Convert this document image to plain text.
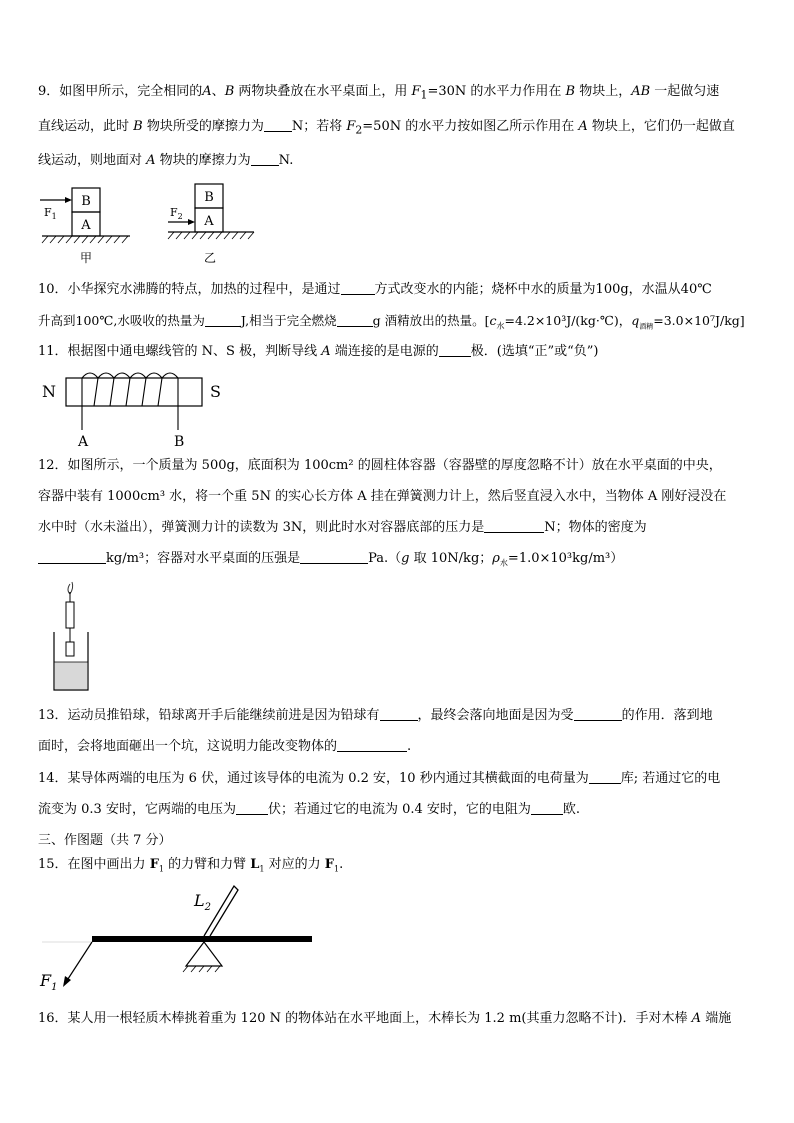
9．如图甲所示，完全相同的A、B 两物块叠放在水平桌面上，用 $F_1=30N$ 的水平力作用在 B 物块上，AB 一起做匀速
直线运动，此时 B 物块所受的摩擦力为 N；若将 $F_2=50N$ 的水平力按如图乙所示作用在 A 物块上，它们仍一起做直
线运动，则地面对 A 物块的摩擦力为 N.
B
A
$F_1$
甲
B
A
$F_2$
乙
10．小华探究水沸腾的特点，加热的过程中，是通过	方式改变水的内能；烧杯中水的质量为100g，水温从40℃
升高到100℃,水吸收的热量为	J,相当于完全燃烧	g 酒精放出的热量。[$c_水=4.2\times 10^3J/(kg\cdot℃)$，$q_{酒精}=3.0\times 10^7J/kg$]
11．根据图中通电螺线管的 N、S 极，判断导线 A 端连接的是电源的 极．(选填“正”或“负”)
N	S
A	B
12．如图所示，一个质量为 500g，底面积为 100cm² 的圆柱体容器（容器壁的厚度忽略不计）放在水平桌面的中央，
容器中装有 1000cm³ 水，将一个重 5N 的实心长方体 A 挂在弹簧测力计上，然后竖直浸入水中，当物体 A 刚好浸没在
水中时（水未溢出），弹簧测力计的读数为 3N，则此时水对容器底部的压力是	N；物体的密度为
kg/m³；容器对水平桌面的压强是	Pa.（g 取 10N/kg；$\rho_水=1.0\times 10^3kg/m^3$）
13．运动员推铅球，铅球离开手后能继续前进是因为铅球有	，最终会落向地面是因为受	的作用．落到地
面时，会将地面砸出一个坑，这说明力能改变物体的	.
14．某导体两端的电压为 6 伏，通过该导体的电流为 0.2 安，10 秒内通过其横截面的电荷量为 库; 若通过它的电
流变为 0.3 安时，它两端的电压为 伏；若通过它的电流为 0.4 安时，它的电阻为 欧.
三、作图题（共 7 分）
15．在图中画出力 $F_1$ 的力臂和力臂 $L_1$ 对应的力 $F_1$.
$L_2$
$F_1$
16．某人用一根轻质木棒挑着重为 120 N 的物体站在水平地面上，木棒长为 1.2 m(其重力忽略不计)．手对木棒 A 端施
